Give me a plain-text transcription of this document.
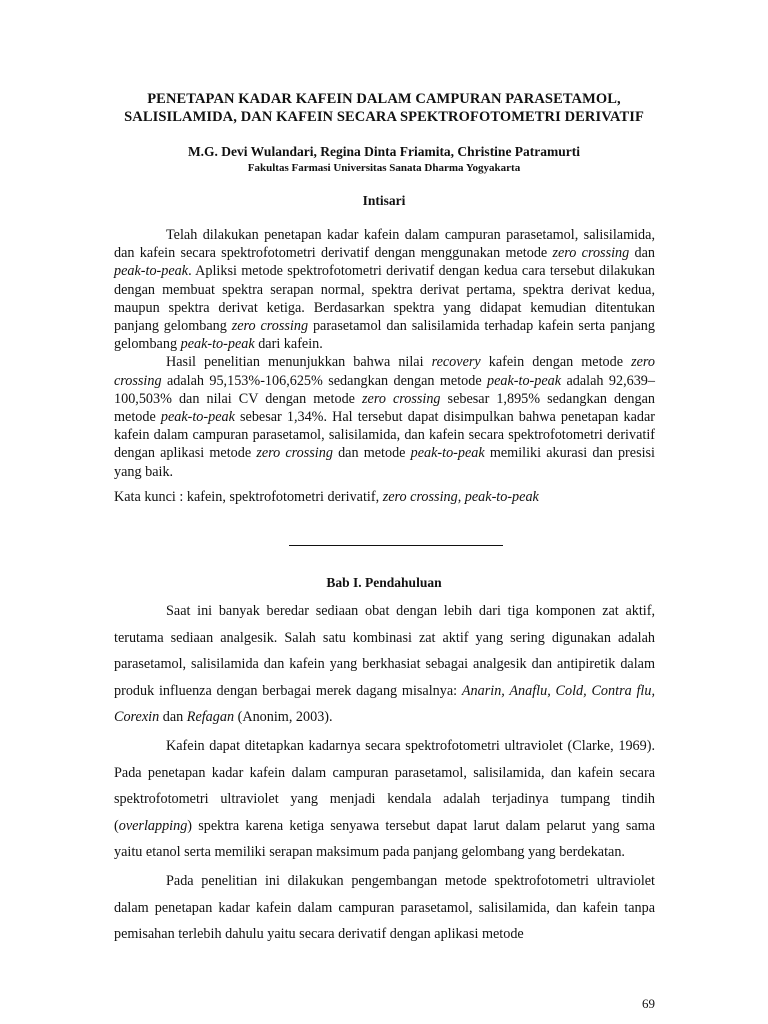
PENETAPAN KADAR KAFEIN DALAM CAMPURAN PARASETAMOL,
SALISILAMIDA, DAN KAFEIN SECARA SPEKTROFOTOMETRI DERIVATIF
M.G. Devi Wulandari, Regina Dinta Friamita, Christine Patramurti
Fakultas Farmasi Universitas Sanata Dharma Yogyakarta
Intisari

Telah dilakukan penetapan kadar kafein dalam campuran parasetamol, salisilamida, dan kafein secara spektrofotometri derivatif dengan menggunakan metode zero crossing dan peak-to-peak. Apliksi metode spektrofotometri derivatif dengan kedua cara tersebut dilakukan dengan membuat spektra serapan normal, spektra derivat pertama, spektra derivat kedua, maupun spektra derivat ketiga. Berdasarkan spektra yang didapat kemudian ditentukan panjang gelombang zero crossing parasetamol dan salisilamida terhadap kafein serta panjang gelombang peak-to-peak dari kafein.

Hasil penelitian menunjukkan bahwa nilai recovery kafein dengan metode zero crossing adalah 95,153%-106,625% sedangkan dengan metode peak-to-peak adalah 92,639–100,503% dan nilai CV dengan metode zero crossing sebesar 1,895% sedangkan dengan metode peak-to-peak sebesar 1,34%. Hal tersebut dapat disimpulkan bahwa penetapan kadar kafein dalam campuran parasetamol, salisilamida, dan kafein secara spektrofotometri derivatif dengan aplikasi metode zero crossing dan metode peak-to-peak memiliki akurasi dan presisi yang baik.

Kata kunci : kafein, spektrofotometri derivatif, zero crossing, peak-to-peak
Bab I. Pendahuluan

Saat ini banyak beredar sediaan obat dengan lebih dari tiga komponen zat aktif, terutama sediaan analgesik. Salah satu kombinasi zat aktif yang sering digunakan adalah parasetamol, salisilamida dan kafein yang berkhasiat sebagai analgesik dan antipiretik dalam produk influenza dengan berbagai merek dagang misalnya: Anarin, Anaflu, Cold, Contra flu, Corexin dan Refagan (Anonim, 2003).

Kafein dapat ditetapkan kadarnya secara spektrofotometri ultraviolet (Clarke, 1969). Pada penetapan kadar kafein dalam campuran parasetamol, salisilamida, dan kafein secara spektrofotometri ultraviolet yang menjadi kendala adalah terjadinya tumpang tindih (overlapping) spektra karena ketiga senyawa tersebut dapat larut dalam pelarut yang sama yaitu etanol serta memiliki serapan maksimum pada panjang gelombang yang berdekatan.

Pada penelitian ini dilakukan pengembangan metode spektrofotometri ultraviolet dalam penetapan kadar kafein dalam campuran parasetamol, salisilamida, dan kafein tanpa pemisahan terlebih dahulu yaitu secara derivatif dengan aplikasi metode

69
